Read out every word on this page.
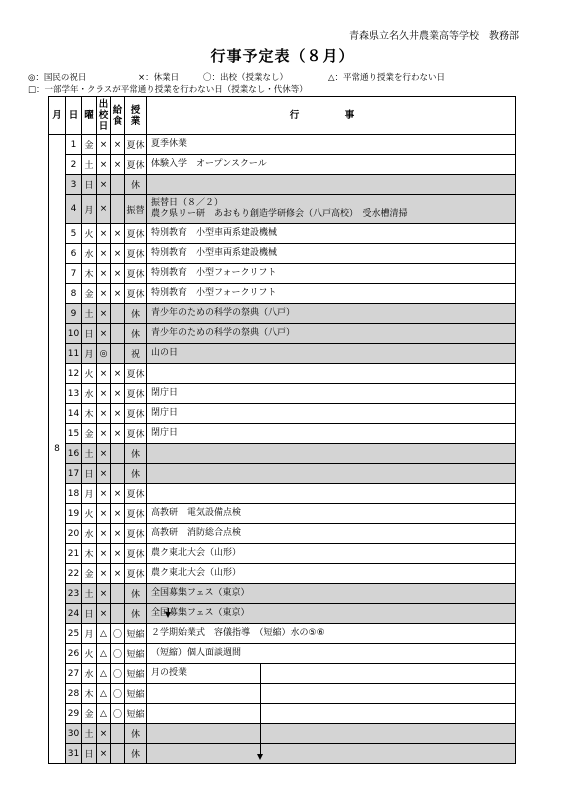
青森県立名久井農業高等学校　教務部
行事予定表（８月）
◎：国民の祝日	×：休業日	〇：出校（授業なし）	△：平常通り授業を行わない日
□：一部学年・クラスが平常通り授業を行わない日（授業なし・代休等）
月	日	曜	出
校
日	給
食	授
業	行　事
8	1	金	×	×	夏休	夏季休業
	2	土	×	×	夏休	体験入学　オープンスクール
	3	日	×		休	
	4	月	×		振替	振替日（８／２）
農ク県リー研　あおもり創造学研修会（八戸高校）　受水槽清掃
	5	火	×	×	夏休	特別教育　小型車両系建設機械
	6	水	×	×	夏休	特別教育　小型車両系建設機械
	7	木	×	×	夏休	特別教育　小型フォークリフト
	8	金	×	×	夏休	特別教育　小型フォークリフト
	9	土	×		休	青少年のための科学の祭典（八戸）
	10	日	×		休	青少年のための科学の祭典（八戸）
	11	月	◎		祝	山の日
	12	火	×	×	夏休	
	13	水	×	×	夏休	閉庁日
	14	木	×	×	夏休	閉庁日
	15	金	×	×	夏休	閉庁日
	16	土	×		休	
	17	日	×		休	
	18	月	×	×	夏休	
	19	火	×	×	夏休	高教研　電気設備点検
	20	水	×	×	夏休	高教研　消防総合点検
	21	木	×	×	夏休	農ク東北大会（山形）
	22	金	×	×	夏休	農ク東北大会（山形）
	23	土	×		休	全国募集フェス（東京）
	24	日	×		休	全国募集フェス（東京）
	25	月	△	〇	短縮	２学期始業式　容儀指導　（短縮）水の⑤⑥
	26	火	△	〇	短縮	（短縮）個人面談週間
	27	水	△	〇	短縮	月の授業
	28	木	△	〇	短縮	
	29	金	△	〇	短縮	
	30	土	×		休	
	31	日	×		休	
